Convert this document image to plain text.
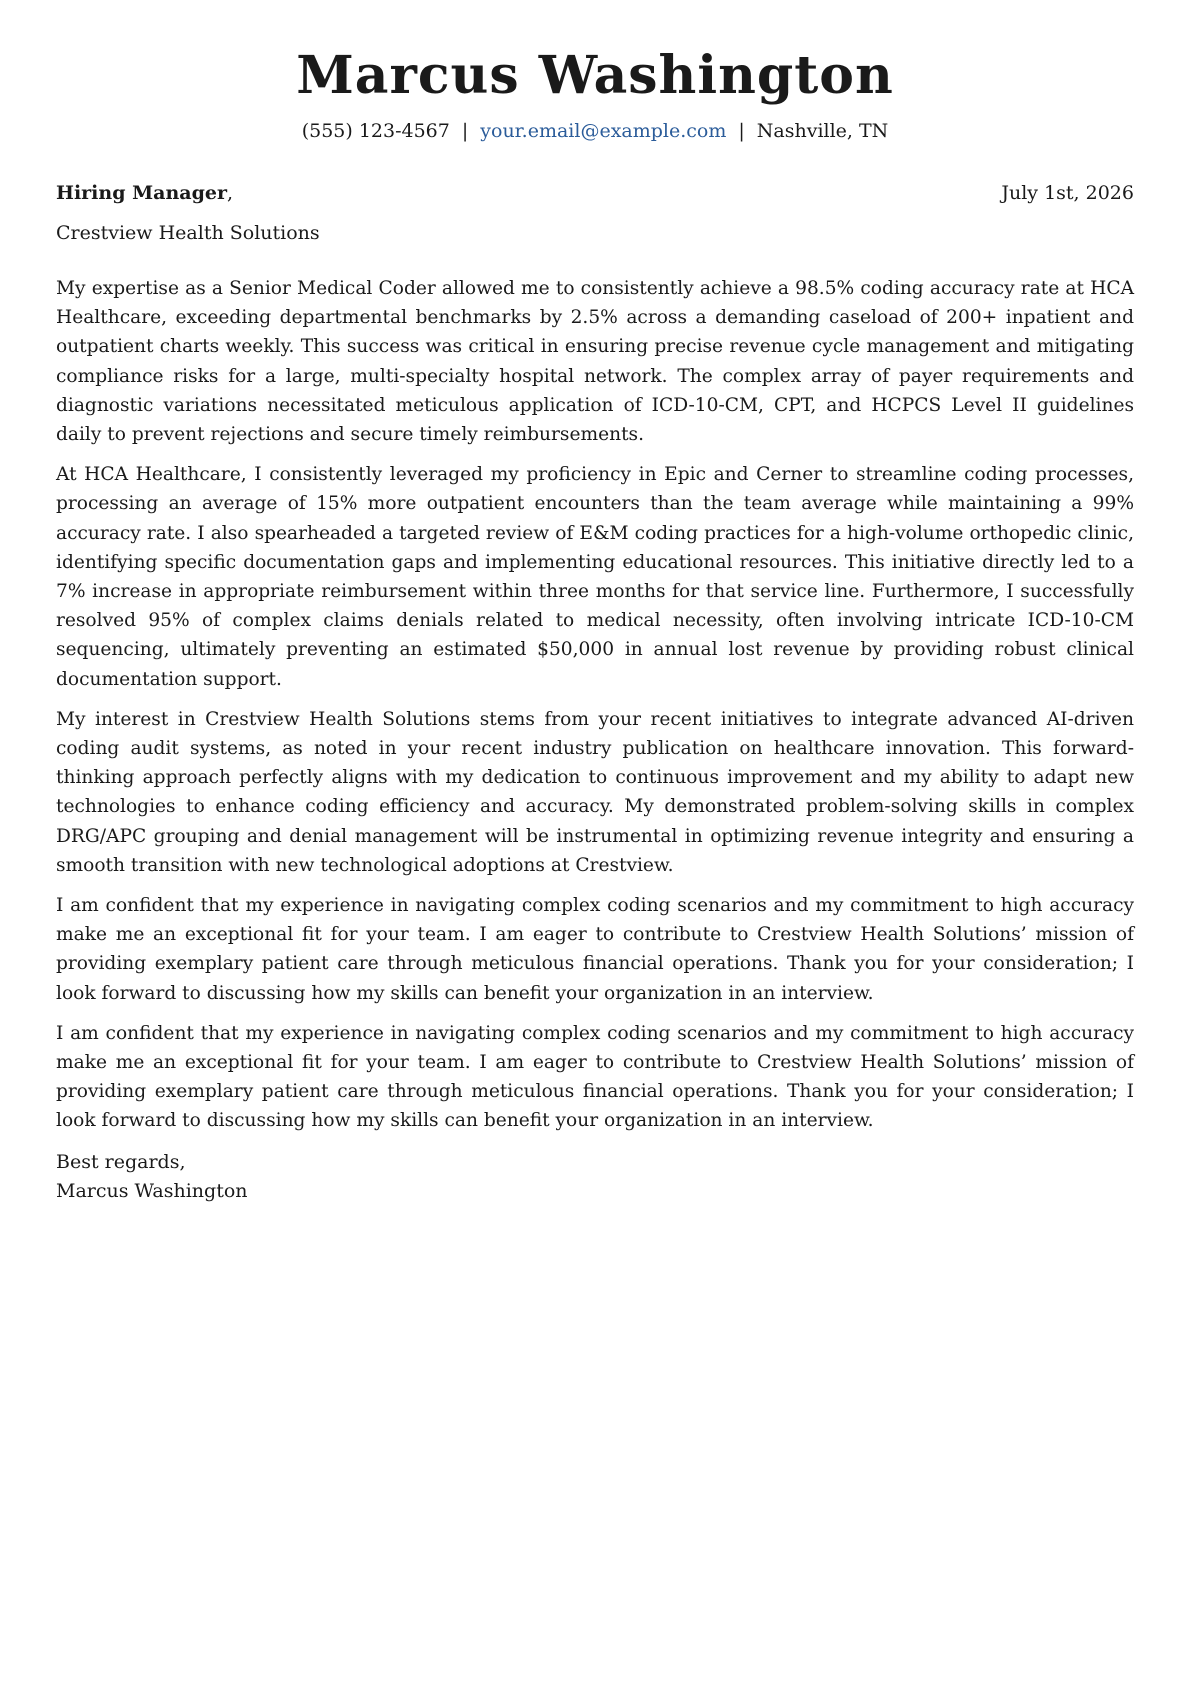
Marcus Washington
(555) 123-4567 | your.email@example.com | Nashville, TN
Hiring Manager,	July 1st, 2026
Crestview Health Solutions

My expertise as a Senior Medical Coder allowed me to consistently achieve a 98.5% coding accuracy rate at HCA Healthcare, exceeding departmental benchmarks by 2.5% across a demanding caseload of 200+ inpatient and outpatient charts weekly. This success was critical in ensuring precise revenue cycle management and mitigating compliance risks for a large, multi-specialty hospital network. The complex array of payer requirements and diagnostic variations necessitated meticulous application of ICD-10-CM, CPT, and HCPCS Level II guidelines daily to prevent rejections and secure timely reimbursements.

At HCA Healthcare, I consistently leveraged my proficiency in Epic and Cerner to streamline coding processes, processing an average of 15% more outpatient encounters than the team average while maintaining a 99% accuracy rate. I also spearheaded a targeted review of E&M coding practices for a high-volume orthopedic clinic, identifying specific documentation gaps and implementing educational resources. This initiative directly led to a 7% increase in appropriate reimbursement within three months for that service line. Furthermore, I successfully resolved 95% of complex claims denials related to medical necessity, often involving intricate ICD-10-CM sequencing, ultimately preventing an estimated $50,000 in annual lost revenue by providing robust clinical documentation support.

My interest in Crestview Health Solutions stems from your recent initiatives to integrate advanced AI-driven coding audit systems, as noted in your recent industry publication on healthcare innovation. This forward-thinking approach perfectly aligns with my dedication to continuous improvement and my ability to adapt new technologies to enhance coding efficiency and accuracy. My demonstrated problem-solving skills in complex DRG/APC grouping and denial management will be instrumental in optimizing revenue integrity and ensuring a smooth transition with new technological adoptions at Crestview.

I am confident that my experience in navigating complex coding scenarios and my commitment to high accuracy make me an exceptional fit for your team. I am eager to contribute to Crestview Health Solutions’ mission of providing exemplary patient care through meticulous financial operations. Thank you for your consideration; I look forward to discussing how my skills can benefit your organization in an interview.

I am confident that my experience in navigating complex coding scenarios and my commitment to high accuracy make me an exceptional fit for your team. I am eager to contribute to Crestview Health Solutions’ mission of providing exemplary patient care through meticulous financial operations. Thank you for your consideration; I look forward to discussing how my skills can benefit your organization in an interview.

Best regards,
Marcus Washington
